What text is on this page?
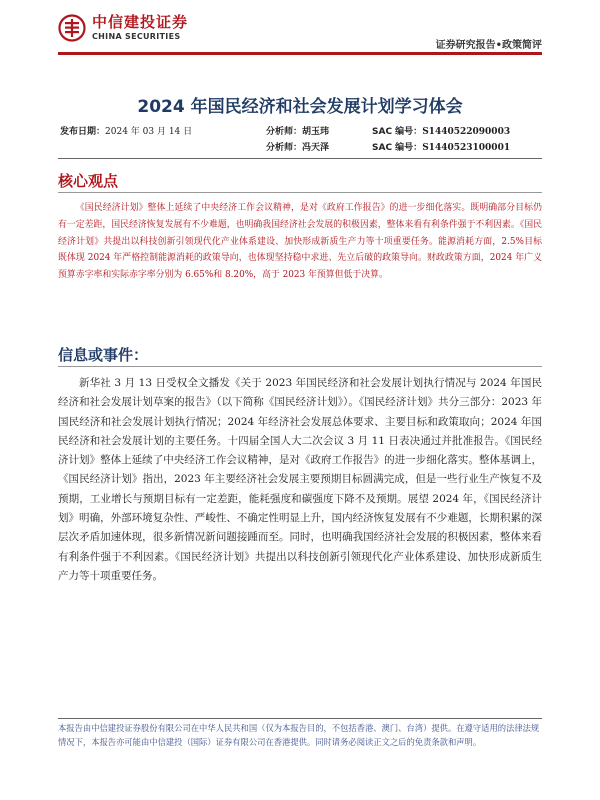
中信建投证券
CHINA SECURITIES
证券研究报告•政策简评
2024 年国民经济和社会发展计划学习体会
发布日期：2024 年 03 月 14 日	分析师：胡玉玮	SAC 编号：S1440522090003
分析师：冯天泽	SAC 编号：S1440523100001
核心观点

《国民经济计划》整体上延续了中央经济工作会议精神，是对《政府工作报告》的进一步细化落实。既明确部分目标仍有一定差距，国民经济恢复发展有不少难题，也明确我国经济社会发展的积极因素，整体来看有利条件强于不利因素。《国民经济计划》共提出以科技创新引领现代化产业体系建设、加快形成新质生产力等十项重要任务。能源消耗方面，2.5%目标既体现 2024 年严格控制能源消耗的政策导向，也体现坚持稳中求进、先立后破的政策导向。财政政策方面，2024 年广义预算赤字率和实际赤字率分别为 6.65%和 8.20%，高于 2023 年预算但低于决算。

信息或事件：

新华社 3 月 13 日受权全文播发《关于 2023 年国民经济和社会发展计划执行情况与 2024 年国民经济和社会发展计划草案的报告》（以下简称《国民经济计划》）。《国民经济计划》共分三部分：2023 年国民经济和社会发展计划执行情况；2024 年经济社会发展总体要求、主要目标和政策取向；2024 年国民经济和社会发展计划的主要任务。十四届全国人大二次会议 3 月 11 日表决通过并批准报告。《国民经济计划》整体上延续了中央经济工作会议精神，是对《政府工作报告》的进一步细化落实。整体基调上，《国民经济计划》指出，2023 年主要经济社会发展主要预期目标圆满完成，但是一些行业生产恢复不及预期，工业增长与预期目标有一定差距，能耗强度和碳强度下降不及预期。展望 2024 年，《国民经济计划》明确，外部环境复杂性、严峻性、不确定性明显上升，国内经济恢复发展有不少难题，长期积累的深层次矛盾加速体现，很多新情况新问题接踵而至。同时，也明确我国经济社会发展的积极因素，整体来看有利条件强于不利因素。《国民经济计划》共提出以科技创新引领现代化产业体系建设、加快形成新质生产力等十项重要任务。

本报告由中信建投证券股份有限公司在中华人民共和国（仅为本报告目的，不包括香港、澳门、台湾）提供。在遵守适用的法律法规情况下，本报告亦可能由中信建投（国际）证券有限公司在香港提供。同时请务必阅读正文之后的免责条款和声明。
